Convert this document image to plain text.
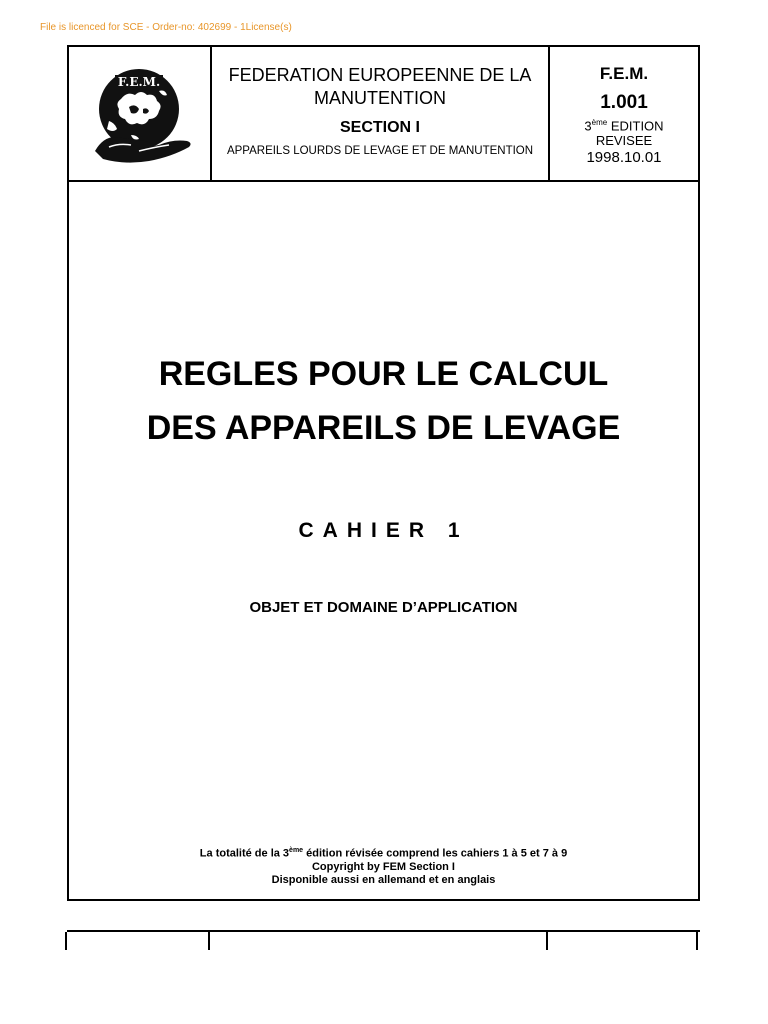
File is licenced for SCE - Order-no: 402699 - 1License(s)
F.E.M.	FEDERATION EUROPEENNE DE LA
MANUTENTION
SECTION I
APPAREILS LOURDS DE LEVAGE ET DE MANUTENTION
F.E.M.
1.001
3ème EDITION
REVISEE
1998.10.01
REGLES POUR LE CALCUL
DES APPAREILS DE LEVAGE
CAHIER 1
OBJET ET DOMAINE D’APPLICATION
La totalité de la 3ème édition révisée comprend les cahiers 1 à 5 et 7 à 9
Copyright by FEM Section I
Disponible aussi en allemand et en anglais
